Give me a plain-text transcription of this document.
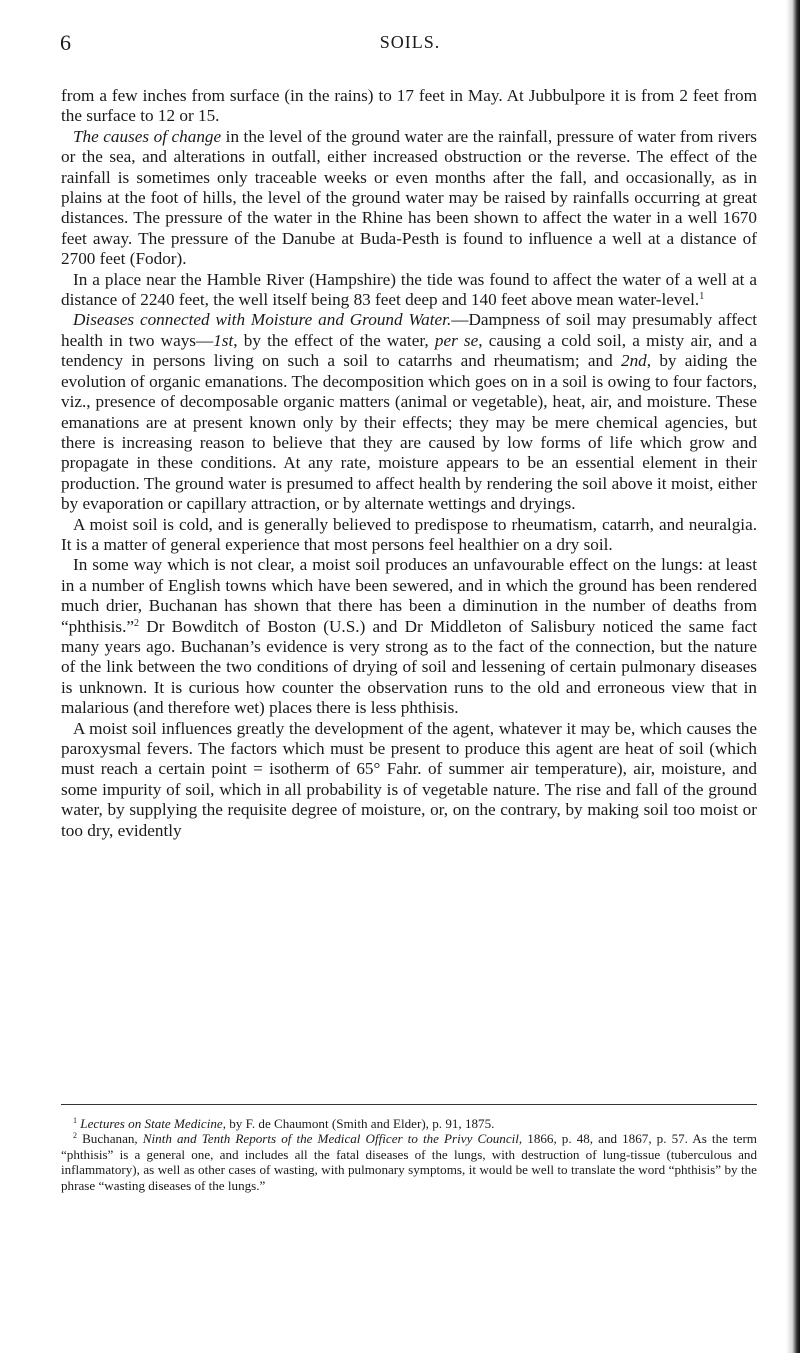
6	SOILS.

from a few inches from surface (in the rains) to 17 feet in May. At Jubbulpore it is from 2 feet from the surface to 12 or 15.

The causes of change in the level of the ground water are the rainfall, pressure of water from rivers or the sea, and alterations in outfall, either increased obstruction or the reverse. The effect of the rainfall is sometimes only traceable weeks or even months after the fall, and occasionally, as in plains at the foot of hills, the level of the ground water may be raised by rainfalls occurring at great distances. The pressure of the water in the Rhine has been shown to affect the water in a well 1670 feet away. The pressure of the Danube at Buda-Pesth is found to influence a well at a distance of 2700 feet (Fodor).

In a place near the Hamble River (Hampshire) the tide was found to affect the water of a well at a distance of 2240 feet, the well itself being 83 feet deep and 140 feet above mean water-level.$^1$

Diseases connected with Moisture and Ground Water.—Dampness of soil may presumably affect health in two ways—1st, by the effect of the water, per se, causing a cold soil, a misty air, and a tendency in persons living on such a soil to catarrhs and rheumatism; and 2nd, by aiding the evolution of organic emanations. The decomposition which goes on in a soil is owing to four factors, viz., presence of decomposable organic matters (animal or vegetable), heat, air, and moisture. These emanations are at present known only by their effects; they may be mere chemical agencies, but there is increasing reason to believe that they are caused by low forms of life which grow and propagate in these conditions. At any rate, moisture appears to be an essential element in their production. The ground water is presumed to affect health by rendering the soil above it moist, either by evaporation or capillary attraction, or by alternate wettings and dryings.

A moist soil is cold, and is generally believed to predispose to rheumatism, catarrh, and neuralgia. It is a matter of general experience that most persons feel healthier on a dry soil.

In some way which is not clear, a moist soil produces an unfavourable effect on the lungs: at least in a number of English towns which have been sewered, and in which the ground has been rendered much drier, Buchanan has shown that there has been a diminution in the number of deaths from “phthisis.”$^2$ Dr Bowditch of Boston (U.S.) and Dr Middleton of Salisbury noticed the same fact many years ago. Buchanan’s evidence is very strong as to the fact of the connection, but the nature of the link between the two conditions of drying of soil and lessening of certain pulmonary diseases is unknown. It is curious how counter the observation runs to the old and erroneous view that in malarious (and therefore wet) places there is less phthisis.

A moist soil influences greatly the development of the agent, whatever it may be, which causes the paroxysmal fevers. The factors which must be present to produce this agent are heat of soil (which must reach a certain point = isotherm of 65° Fahr. of summer air temperature), air, moisture, and some impurity of soil, which in all probability is of vegetable nature. The rise and fall of the ground water, by supplying the requisite degree of moisture, or, on the contrary, by making soil too moist or too dry, evidently

$^1$ Lectures on State Medicine, by F. de Chaumont (Smith and Elder), p. 91, 1875.

$^2$ Buchanan, Ninth and Tenth Reports of the Medical Officer to the Privy Council, 1866, p. 48, and 1867, p. 57. As the term “phthisis” is a general one, and includes all the fatal diseases of the lungs, with destruction of lung-tissue (tuberculous and inflammatory), as well as other cases of wasting, with pulmonary symptoms, it would be well to translate the word “phthisis” by the phrase “wasting diseases of the lungs.”
